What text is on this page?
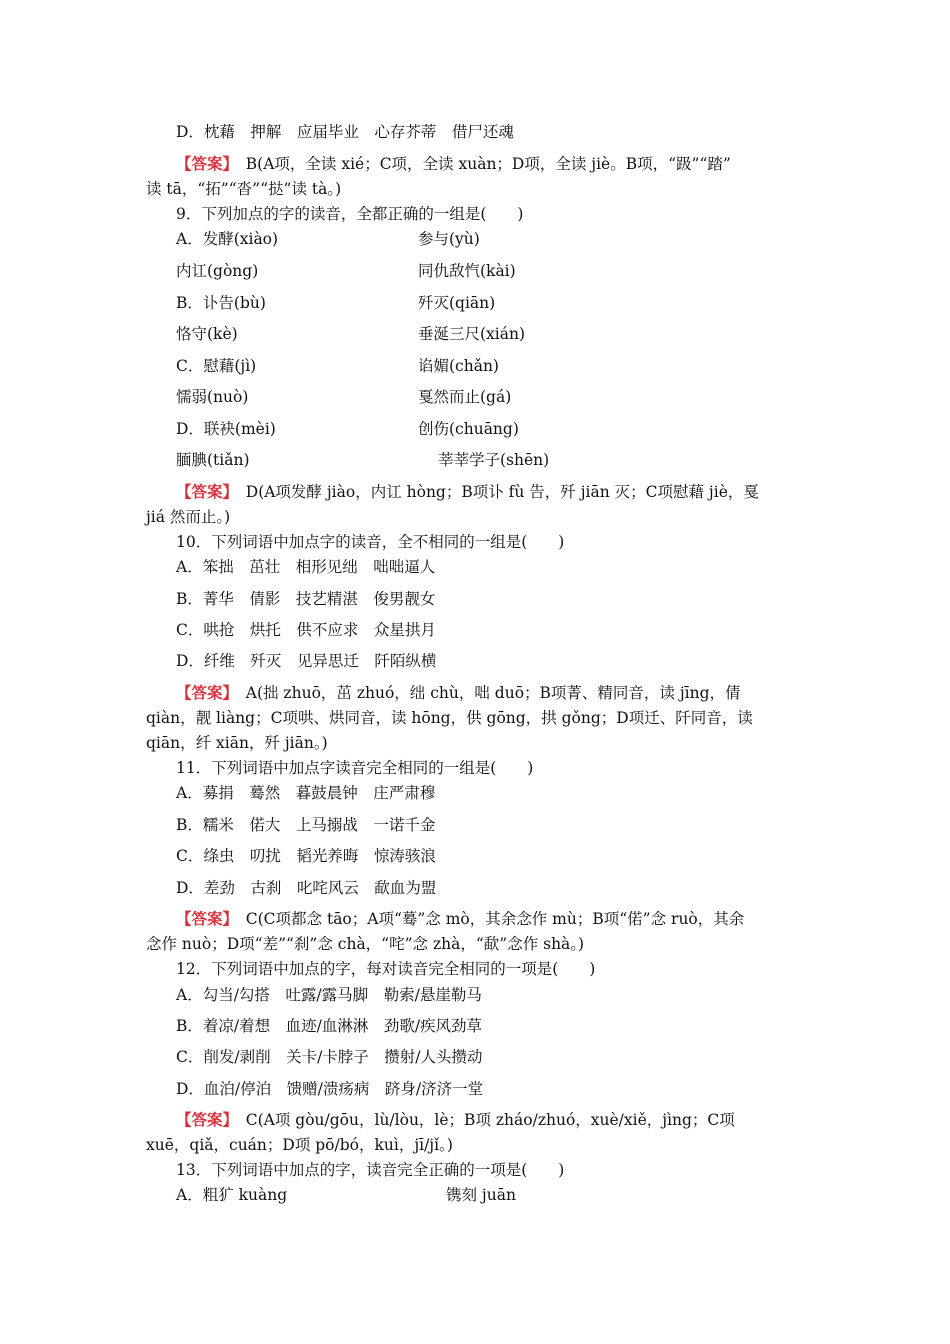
D．枕藉　押解　应届毕业　心存芥蒂　借尸还魂
【答案】　B(A项，全读 xié；C项，全读 xuàn；D项，全读 jiè。B项，“趿”“踏”
读 tā，“拓”“沓”“挞”读 tà。)
9．下列加点的字的读音，全都正确的一组是(　　)
A．发酵(xiào)	参与(yù)
内讧(gòng)	同仇敌忾(kài)
B．讣告(bù)	歼灭(qiān)
恪守(kè)	垂涎三尺(xián)
C．慰藉(jì)	谄媚(chǎn)
懦弱(nuò)	戛然而止(gá)
D．联袂(mèi)	创伤(chuāng)
腼腆(tiǎn)	莘莘学子(shēn)
【答案】　D(A项发酵 jiào，内讧 hòng；B项讣 fù 告，歼 jiān 灭；C项慰藉 jiè，戛
jiá 然而止。)
10．下列词语中加点字的读音，全不相同的一组是(　　)
A．笨拙　茁壮　相形见绌　咄咄逼人
B．菁华　倩影　技艺精湛　俊男靓女
C．哄抢　烘托　供不应求　众星拱月
D．纤维　歼灭　见异思迁　阡陌纵横
【答案】　A(拙 zhuō，茁 zhuó，绌 chù，咄 duō；B项菁、精同音，读 jīng，倩
qiàn，靓 liàng；C项哄、烘同音，读 hōng，供 gōng，拱 gǒng；D项迁、阡同音，读
qiān，纤 xiān，歼 jiān。)
11．下列词语中加点字读音完全相同的一组是(　　)
A．募捐　蓦然　暮鼓晨钟　庄严肃穆
B．糯米　偌大　上马搦战　一诺千金
C．绦虫　叨扰　韬光养晦　惊涛骇浪
D．差劲　古刹　叱咤风云　歃血为盟
【答案】　C(C项都念 tāo；A项“蓦”念 mò，其余念作 mù；B项“偌”念 ruò，其余
念作 nuò；D项“差”“刹”念 chà，“咤”念 zhà，“歃”念作 shà。)
12．下列词语中加点的字，每对读音完全相同的一项是(　　)
A．勾当/勾搭　吐露/露马脚　勒索/悬崖勒马
B．着凉/着想　血迹/血淋淋　劲歌/疾风劲草
C．削发/剥削　关卡/卡脖子　攒射/人头攒动
D．血泊/停泊　馈赠/溃疡病　跻身/济济一堂
【答案】　C(A项 gòu/gōu，lù/lòu，lè；B项 zháo/zhuó，xuè/xiě，jìng；C项
xuē，qiǎ，cuán；D项 pō/bó，kuì，jī/jǐ。)
13．下列词语中加点的字，读音完全正确的一项是(　　)
A．粗犷 kuàng	镌刻 juān
